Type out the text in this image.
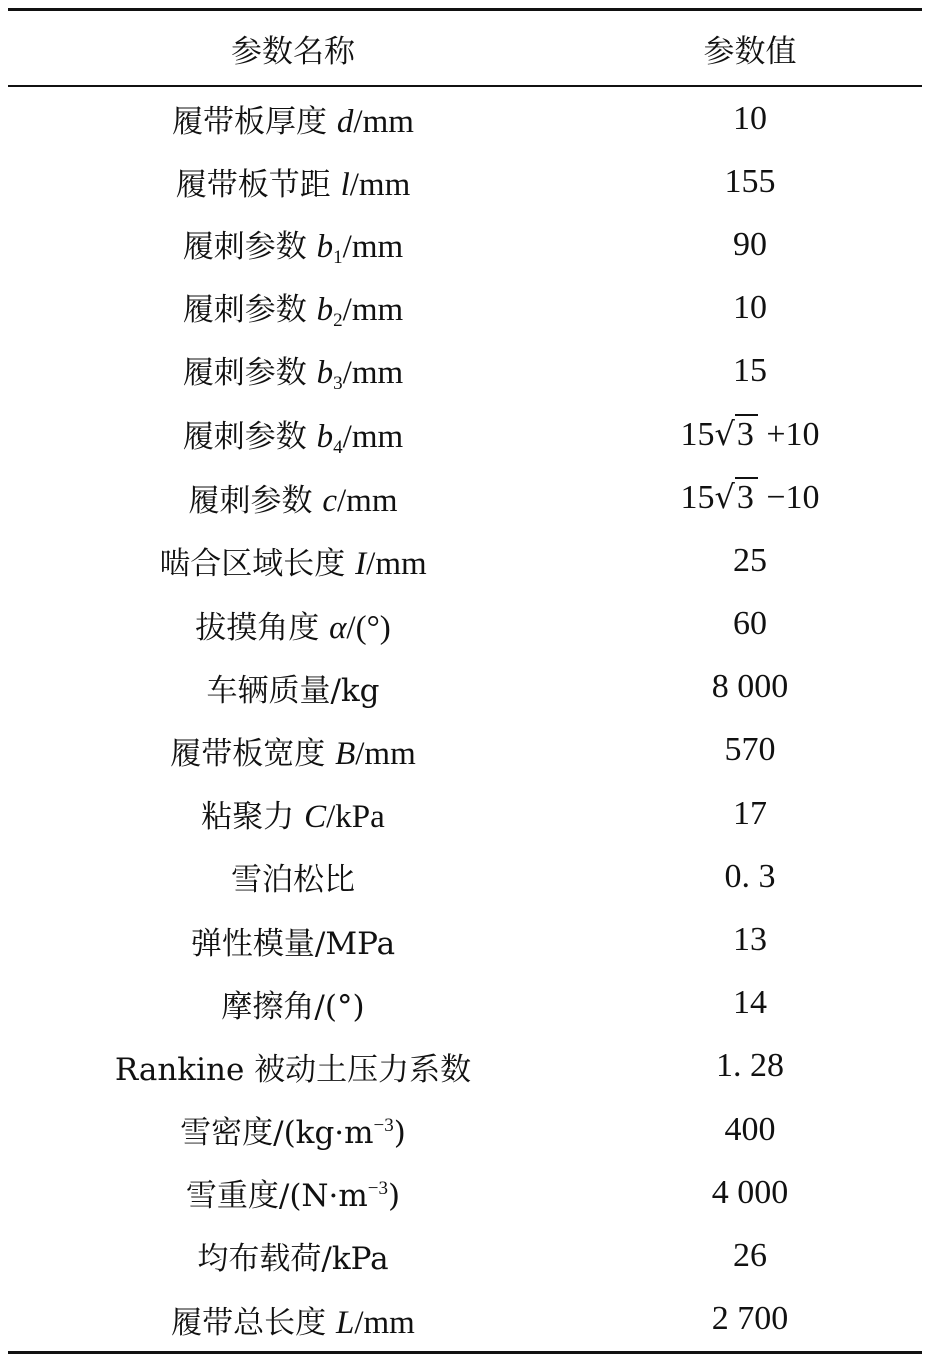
参数名称	参数值
履带板厚度 d/mm	10
履带板节距 l/mm	155
履刺参数 $b_1/mm$	90
履刺参数 $b_2/mm$	10
履刺参数 $b_3/mm$	15
履刺参数 $b_4/mm$	15√3 +10
履刺参数 c/mm	15√3 −10
啮合区域长度 I/mm	25
拔摸角度 α/(°)	60
车辆质量/kg	8 000
履带板宽度 B/mm	570
粘聚力 C/kPa	17
雪泊松比	0. 3
弹性模量/MPa	13
摩擦角/(°)	14
Rankine 被动土压力系数	1. 28
雪密度$/(kg\cdot m^{-3})$	400
雪重度$/(N\cdot m^{-3})$	4 000
均布载荷/kPa	26
履带总长度 L/mm	2 700
